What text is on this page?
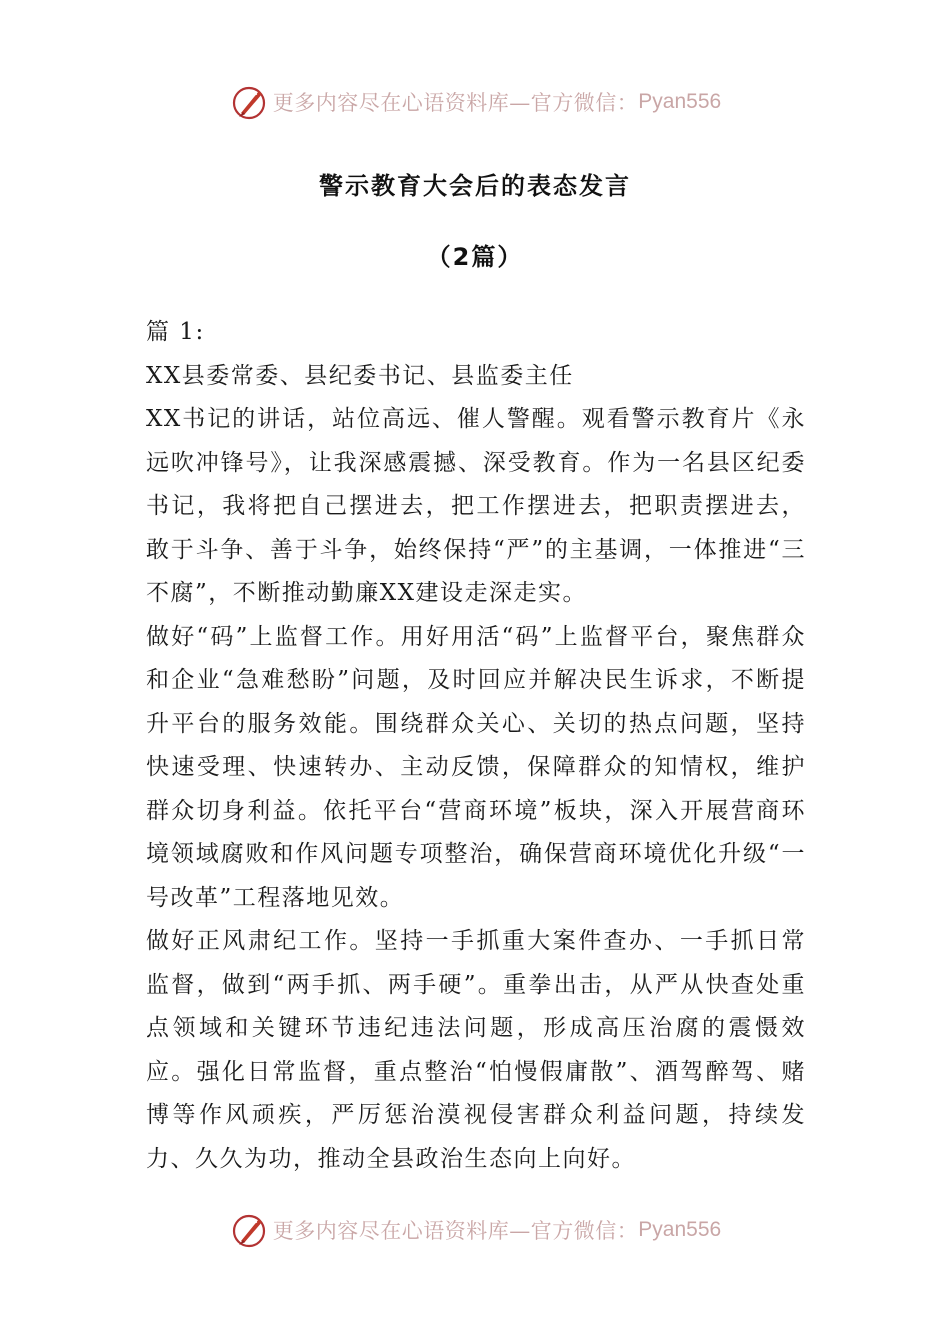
更多内容尽在心语资料库—官方微信： Pyan556
警示教育大会后的表态发言
（2篇）

篇 1:

XX县委常委、县纪委书记、县监委主任

XX书记的讲话，站位高远、催人警醒。观看警示教育片《永远吹冲锋号》，让我深感震撼、深受教育。作为一名县区纪委书记，我将把自己摆进去，把工作摆进去，把职责摆进去，敢于斗争、善于斗争，始终保持“严”的主基调，一体推进“三不腐”，不断推动勤廉XX建设走深走实。

做好“码”上监督工作。用好用活“码”上监督平台，聚焦群众和企业“急难愁盼”问题，及时回应并解决民生诉求，不断提升平台的服务效能。围绕群众关心、关切的热点问题，坚持快速受理、快速转办、主动反馈，保障群众的知情权，维护群众切身利益。依托平台“营商环境”板块，深入开展营商环境领域腐败和作风问题专项整治，确保营商环境优化升级“一号改革”工程落地见效。

做好正风肃纪工作。坚持一手抓重大案件查办、一手抓日常监督，做到“两手抓、两手硬”。重拳出击，从严从快查处重点领域和关键环节违纪违法问题，形成高压治腐的震慑效应。强化日常监督，重点整治“怕慢假庸散”、酒驾醉驾、赌博等作风顽疾，严厉惩治漠视侵害群众利益问题，持续发力、久久为功，推动全县政治生态向上向好。

更多内容尽在心语资料库—官方微信： Pyan556
